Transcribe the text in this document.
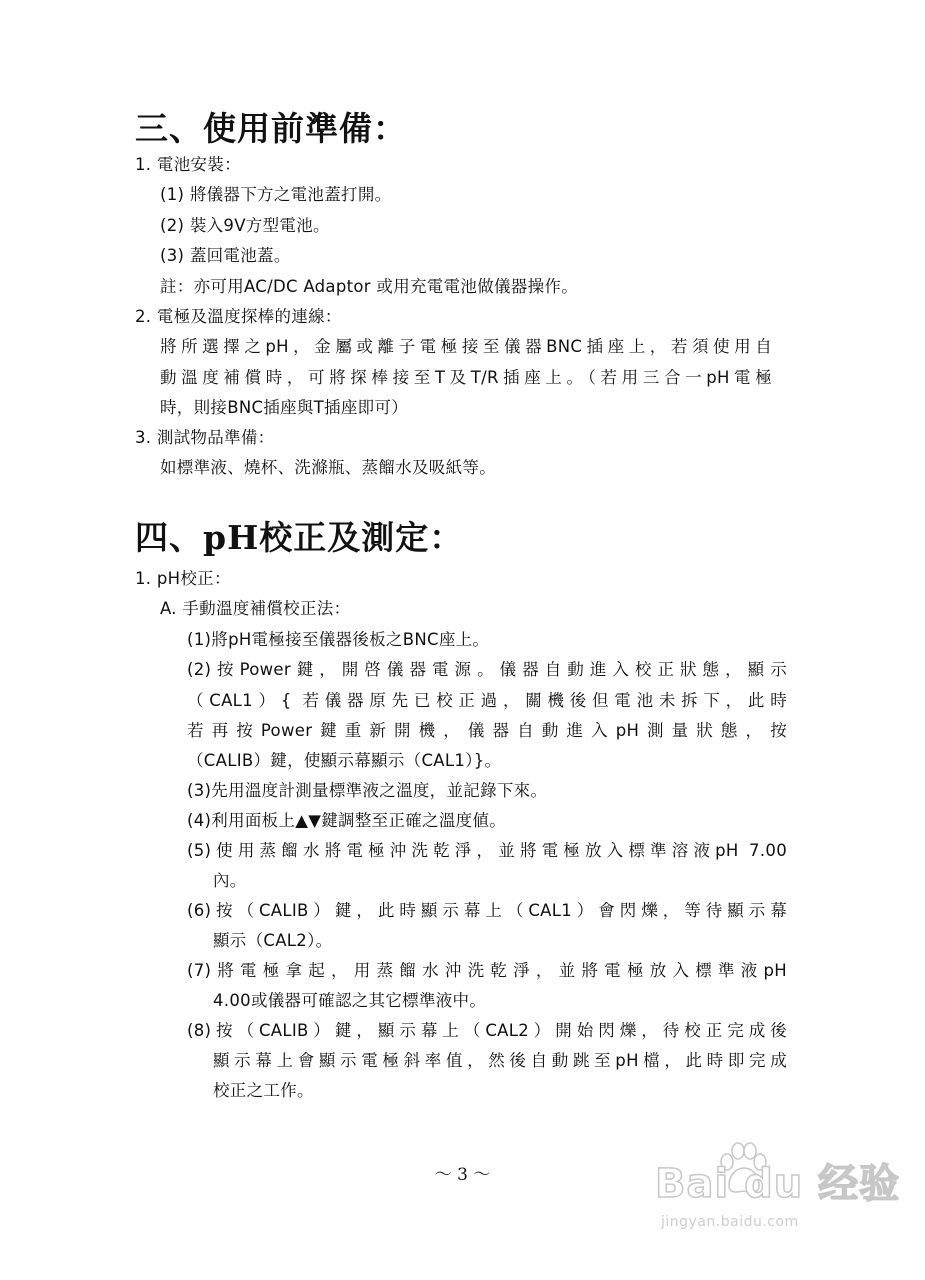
三、使用前準備：
1. 電池安裝：
(1) 將儀器下方之電池蓋打開。
(2) 裝入9V方型電池。
(3) 蓋回電池蓋。
註：亦可用AC/DC Adaptor 或用充電電池做儀器操作。
2. 電極及溫度探棒的連線：
將所選擇之pH，金屬或離子電極接至儀器BNC插座上，若須使用自
動溫度補償時，可將探棒接至T及T/R插座上。（若用三合一pH電極
時，則接BNC插座與T插座即可）
3. 測試物品準備：
如標準液、燒杯、洗滌瓶、蒸餾水及吸紙等。
四、pH校正及測定：
1. pH校正：
A. 手動溫度補償校正法：
(1)將pH電極接至儀器後板之BNC座上。
(2)按Power鍵，開啓儀器電源。儀器自動進入校正狀態，顯示
（CAL1）{ 若儀器原先已校正過，關機後但電池未拆下，此時
若再按Power鍵重新開機，儀器自動進入pH測量狀態，按
（CALIB）鍵，使顯示幕顯示（CAL1）}。
(3)先用溫度計測量標準液之溫度，並記錄下來。
(4)利用面板上▲▼鍵調整至正確之溫度値。
(5)使用蒸餾水將電極沖洗乾淨，並將電極放入標準溶液pH 7.00
內。
(6)按（CALIB）鍵，此時顯示幕上（CAL1）會閃爍，等待顯示幕
顯示（CAL2）。
(7)將電極拿起，用蒸餾水沖洗乾淨，並將電極放入標準液pH
4.00或儀器可確認之其它標準液中。
(8)按（CALIB）鍵，顯示幕上（CAL2）開始閃爍，待校正完成後
顯示幕上會顯示電極斜率值，然後自動跳至pH檔，此時即完成
校正之工作。
～ 3 ～	Bai du 经验
jingyan.baidu.com
